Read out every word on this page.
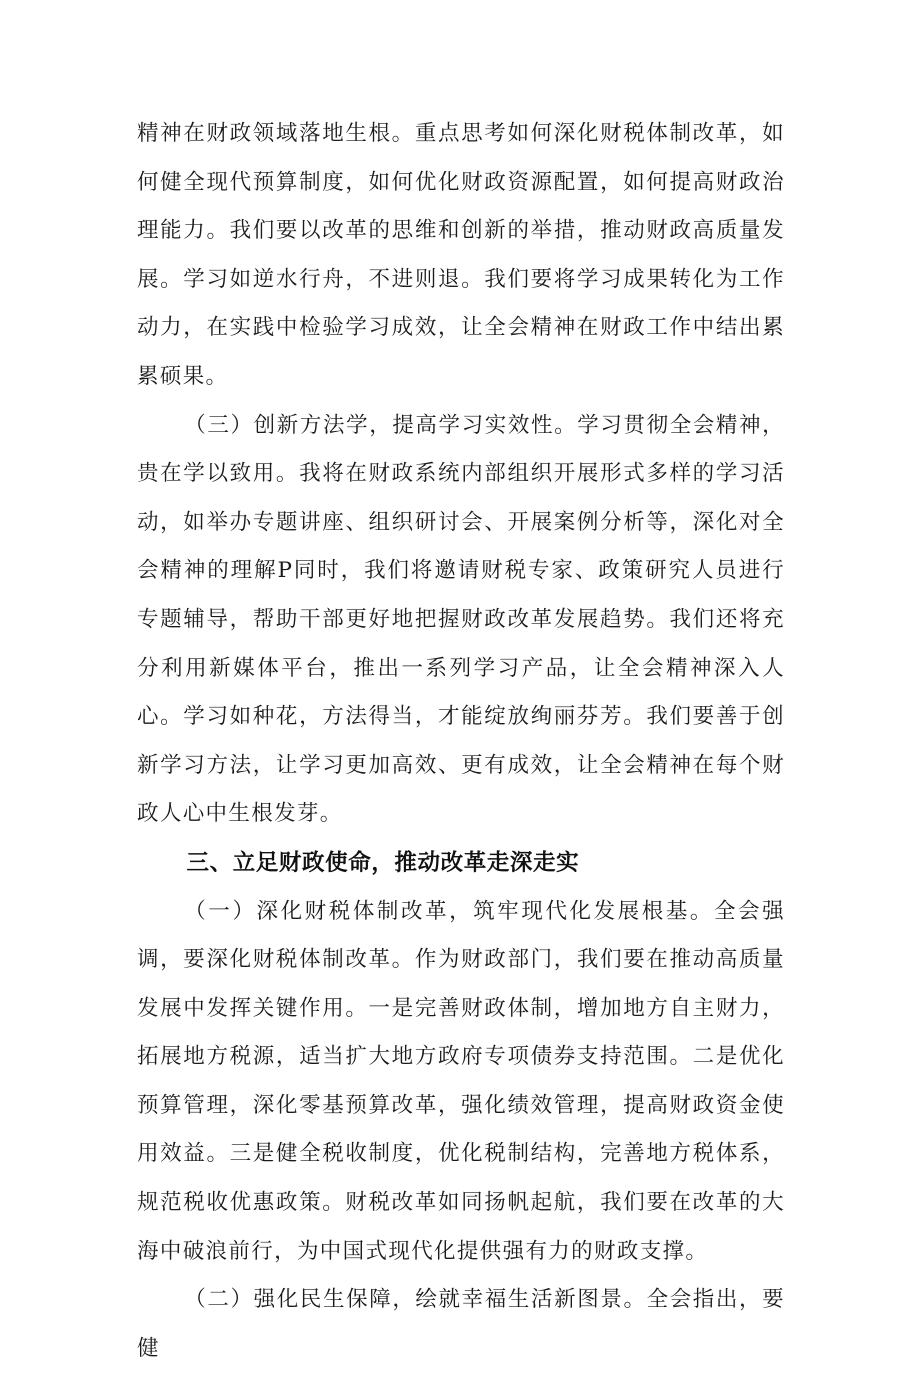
精神在财政领域落地生根。重点思考如何深化财税体制改革，如何健全现代预算制度，如何优化财政资源配置，如何提高财政治理能力。我们要以改革的思维和创新的举措，推动财政高质量发展。学习如逆水行舟，不进则退。我们要将学习成果转化为工作动力，在实践中检验学习成效，让全会精神在财政工作中结出累累硕果。

（三）创新方法学，提高学习实效性。学习贯彻全会精神，贵在学以致用。我将在财政系统内部组织开展形式多样的学习活动，如举办专题讲座、组织研讨会、开展案例分析等，深化对全会精神的理解P同时，我们将邀请财税专家、政策研究人员进行专题辅导，帮助干部更好地把握财政改革发展趋势。我们还将充分利用新媒体平台，推出一系列学习产品，让全会精神深入人心。学习如种花，方法得当，才能绽放绚丽芬芳。我们要善于创新学习方法，让学习更加高效、更有成效，让全会精神在每个财政人心中生根发芽。

三、立足财政使命，推动改革走深走实

（一）深化财税体制改革，筑牢现代化发展根基。全会强调，要深化财税体制改革。作为财政部门，我们要在推动高质量发展中发挥关键作用。一是完善财政体制，增加地方自主财力，拓展地方税源，适当扩大地方政府专项债券支持范围。二是优化预算管理，深化零基预算改革，强化绩效管理，提高财政资金使用效益。三是健全税收制度，优化税制结构，完善地方税体系，规范税收优惠政策。财税改革如同扬帆起航，我们要在改革的大海中破浪前行，为中国式现代化提供强有力的财政支撑。

（二）强化民生保障，绘就幸福生活新图景。全会指出，要健
